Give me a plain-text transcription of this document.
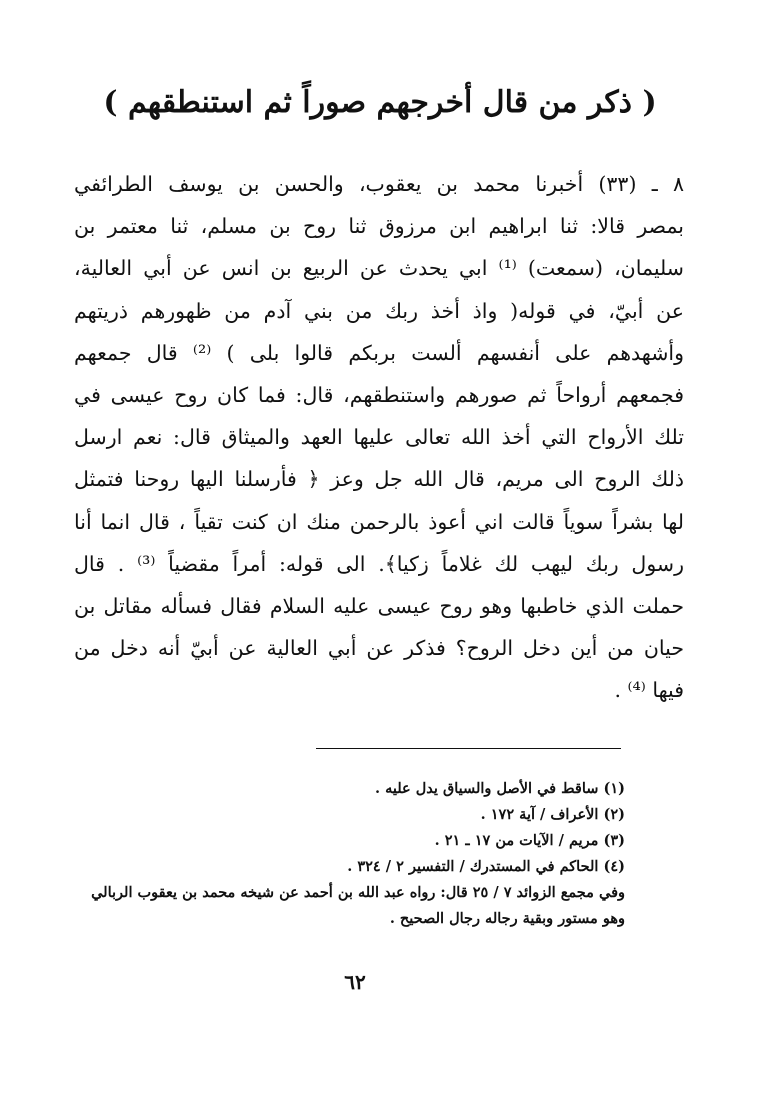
( ذكر من قال أخرجهم صوراً ثم استنطقهم )
٨ ـ (٣٣) أخبرنا محمد بن يعقوب، والحسن بن يوسف الطرائفي
بمصر قالا: ثنا ابراهيم ابن مرزوق ثنا روح بن مسلم، ثنا معتمر بن
سليمان، (سمعت) ⁽¹⁾ ابي يحدث عن الربيع بن انس عن أبي العالية،
عن أبيّ، في قوله( واذ أخذ ربك من بني آدم من ظهورهم ذريتهم
وأشهدهم على أنفسهم ألست بربكم قالوا بلى ) ⁽²⁾ قال جمعهم
فجمعهم أرواحاً ثم صورهم واستنطقهم، قال: فما كان روح عيسى في
تلك الأرواح التي أخذ الله تعالى عليها العهد والميثاق قال: نعم ارسل
ذلك الروح الى مريم، قال الله جل وعز ﴿ فأرسلنا اليها روحنا فتمثل
لها بشراً سوياً قالت اني أعوذ بالرحمن منك ان كنت تقياً ، قال انما أنا
رسول ربك ليهب لك غلاماً زكيا﴾. الى قوله: أمراً مقضياً ⁽³⁾ . قال
حملت الذي خاطبها وهو روح عيسى عليه السلام فقال فسأله مقاتل بن
حيان من أين دخل الروح؟ فذكر عن أبي العالية عن أبيّ أنه دخل من
فيها ⁽⁴⁾ .
(١) ساقط في الأصل والسياق يدل عليه .
(٢) الأعراف / آية ١٧٢ .
(٣) مريم / الآيات من ١٧ ـ ٢١ .
(٤) الحاكم في المستدرك / التفسير ٢ / ٣٢٤ .
وفي مجمع الزوائد ٧ / ٢٥ قال: رواه عبد الله بن أحمد عن شيخه محمد بن يعقوب الربالي
وهو مستور وبقية رجاله رجال الصحيح .
٦٢
